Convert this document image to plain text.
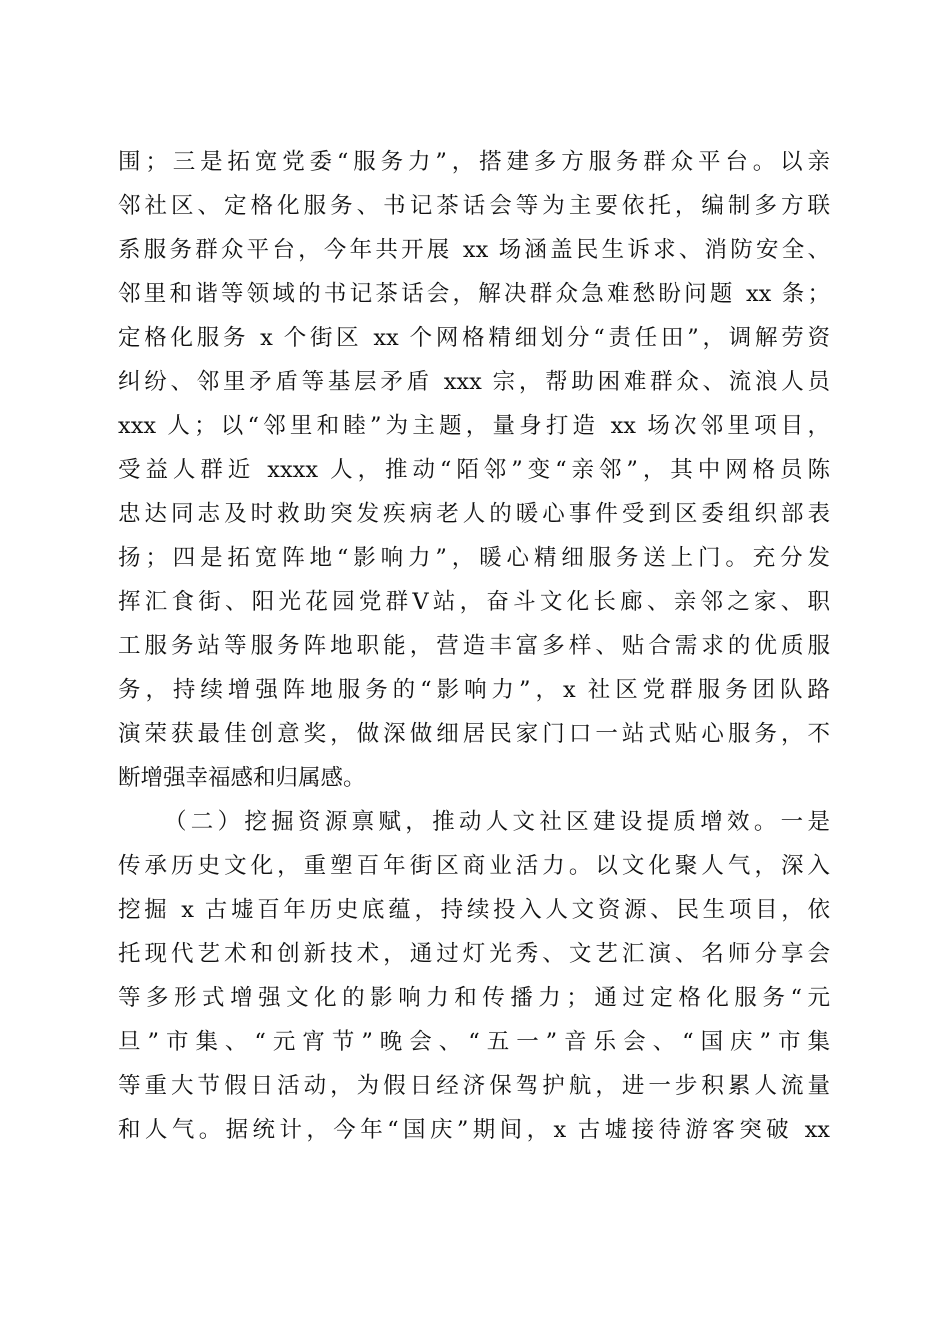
围；三是拓宽党委“服务力”，搭建多方服务群众平台。以亲
邻社区、定格化服务、书记茶话会等为主要依托，编制多方联
系服务群众平台，今年共开展 xx 场涵盖民生诉求、消防安全、
邻里和谐等领域的书记茶话会，解决群众急难愁盼问题 xx 条；
定格化服务 x 个街区 xx 个网格精细划分“责任田”，调解劳资
纠纷、邻里矛盾等基层矛盾 xxx 宗，帮助困难群众、流浪人员
xxx 人；以“邻里和睦”为主题，量身打造 xx 场次邻里项目，
受益人群近 xxxx 人，推动“陌邻”变“亲邻”，其中网格员陈
忠达同志及时救助突发疾病老人的暖心事件受到区委组织部表
扬；四是拓宽阵地“影响力”，暖心精细服务送上门。充分发
挥汇食街、阳光花园党群Ⅴ站，奋斗文化长廊、亲邻之家、职
工服务站等服务阵地职能，营造丰富多样、贴合需求的优质服
务，持续增强阵地服务的“影响力”，x 社区党群服务团队路
演荣获最佳创意奖，做深做细居民家门口一站式贴心服务，不
断增强幸福感和归属感。
（二）挖掘资源禀赋，推动人文社区建设提质增效。一是
传承历史文化，重塑百年街区商业活力。以文化聚人气，深入
挖掘 x 古墟百年历史底蕴，持续投入人文资源、民生项目，依
托现代艺术和创新技术，通过灯光秀、文艺汇演、名师分享会
等多形式增强文化的影响力和传播力；通过定格化服务“元
旦”市集、“元宵节”晚会、“五一”音乐会、“国庆”市集
等重大节假日活动，为假日经济保驾护航，进一步积累人流量
和人气。据统计，今年“国庆”期间，x 古墟接待游客突破 xx
